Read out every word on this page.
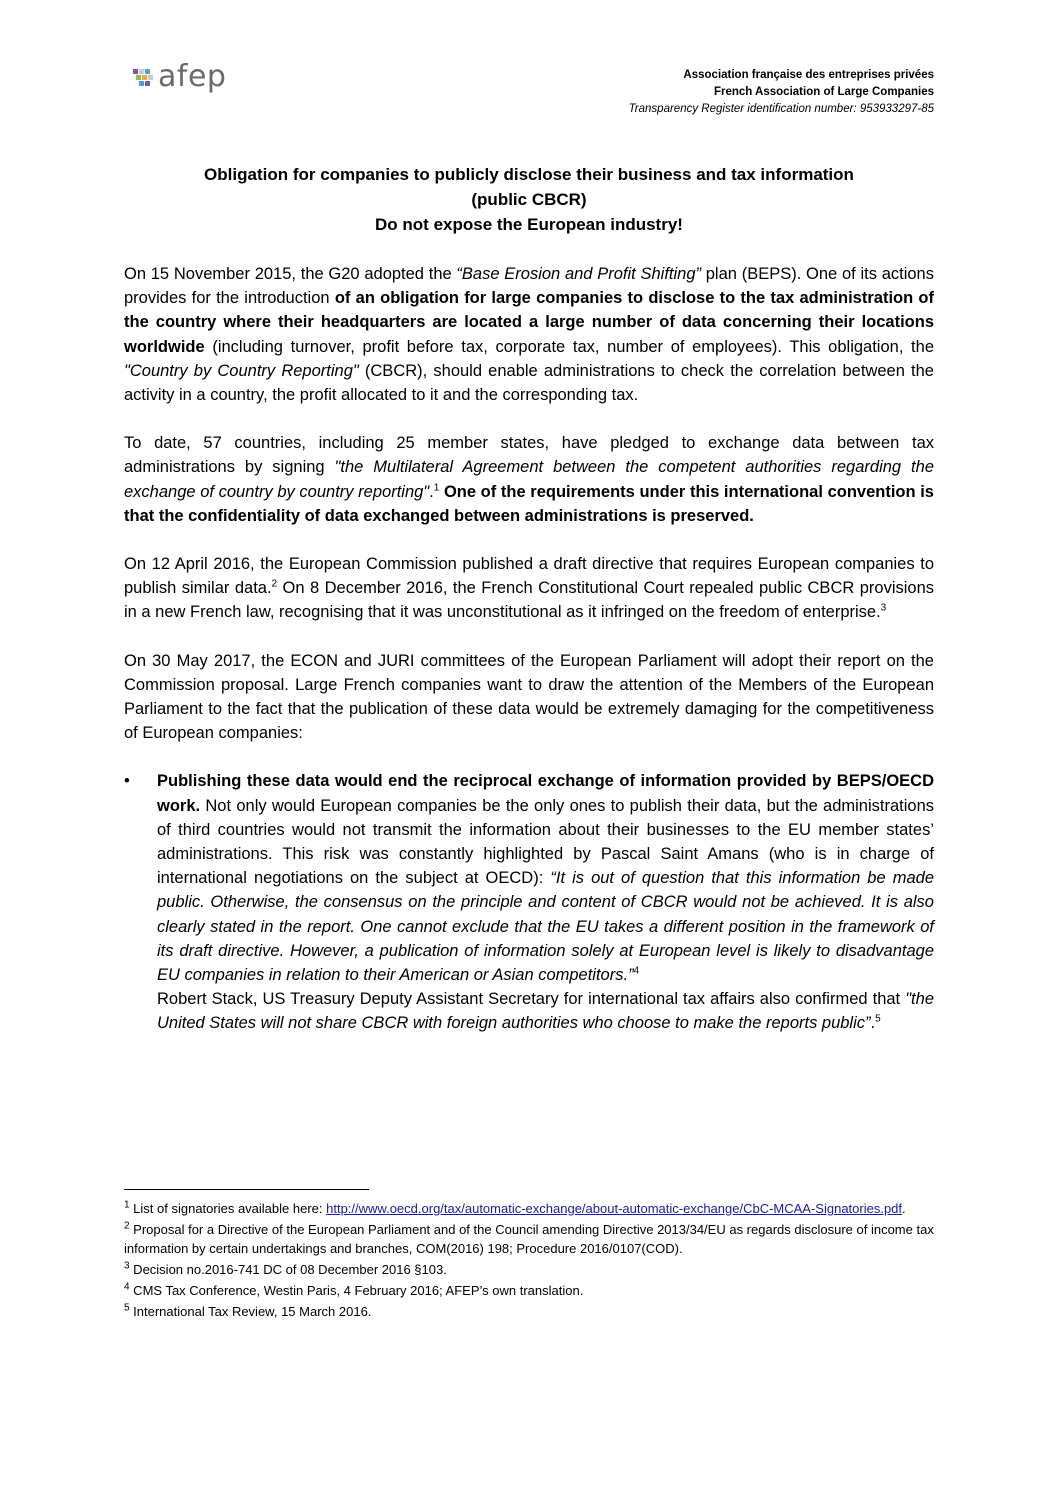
afep	Association française des entreprises privées
French Association of Large Companies
Transparency Register identification number: 953933297-85
Obligation for companies to publicly disclose their business and tax information
(public CBCR)
Do not expose the European industry!

On 15 November 2015, the G20 adopted the “Base Erosion and Profit Shifting” plan (BEPS). One of its actions provides for the introduction of an obligation for large companies to disclose to the tax administration of the country where their headquarters are located a large number of data concerning their locations worldwide (including turnover, profit before tax, corporate tax, number of employees). This obligation, the "Country by Country Reporting" (CBCR), should enable administrations to check the correlation between the activity in a country, the profit allocated to it and the corresponding tax.

To date, 57 countries, including 25 member states, have pledged to exchange data between tax administrations by signing "the Multilateral Agreement between the competent authorities regarding the exchange of country by country reporting".$^1$ One of the requirements under this international convention is that the confidentiality of data exchanged between administrations is preserved.

On 12 April 2016, the European Commission published a draft directive that requires European companies to publish similar data.$^2$ On 8 December 2016, the French Constitutional Court repealed public CBCR provisions in a new French law, recognising that it was unconstitutional as it infringed on the freedom of enterprise.$^3$

On 30 May 2017, the ECON and JURI committees of the European Parliament will adopt their report on the Commission proposal. Large French companies want to draw the attention of the Members of the European Parliament to the fact that the publication of these data would be extremely damaging for the competitiveness of European companies:

•	Publishing these data would end the reciprocal exchange of information provided by BEPS/OECD work. Not only would European companies be the only ones to publish their data, but the administrations of third countries would not transmit the information about their businesses to the EU member states’ administrations. This risk was constantly highlighted by Pascal Saint Amans (who is in charge of international negotiations on the subject at OECD): “It is out of question that this information be made public. Otherwise, the consensus on the principle and content of CBCR would not be achieved. It is also clearly stated in the report. One cannot exclude that the EU takes a different position in the framework of its draft directive. However, a publication of information solely at European level is likely to disadvantage EU companies in relation to their American or Asian competitors.”$^4$
Robert Stack, US Treasury Deputy Assistant Secretary for international tax affairs also confirmed that "the United States will not share CBCR with foreign authorities who choose to make the reports public”.$^5$
$^1$ List of signatories available here: http://www.oecd.org/tax/automatic-exchange/about-automatic-exchange/CbC-MCAA-Signatories.pdf.
$^2$ Proposal for a Directive of the European Parliament and of the Council amending Directive 2013/34/EU as regards disclosure of income tax information by certain undertakings and branches, COM(2016) 198; Procedure 2016/0107(COD).
$^3$ Decision no.2016-741 DC of 08 December 2016 §103.
$^4$ CMS Tax Conference, Westin Paris, 4 February 2016; AFEP’s own translation.
$^5$ International Tax Review, 15 March 2016.
